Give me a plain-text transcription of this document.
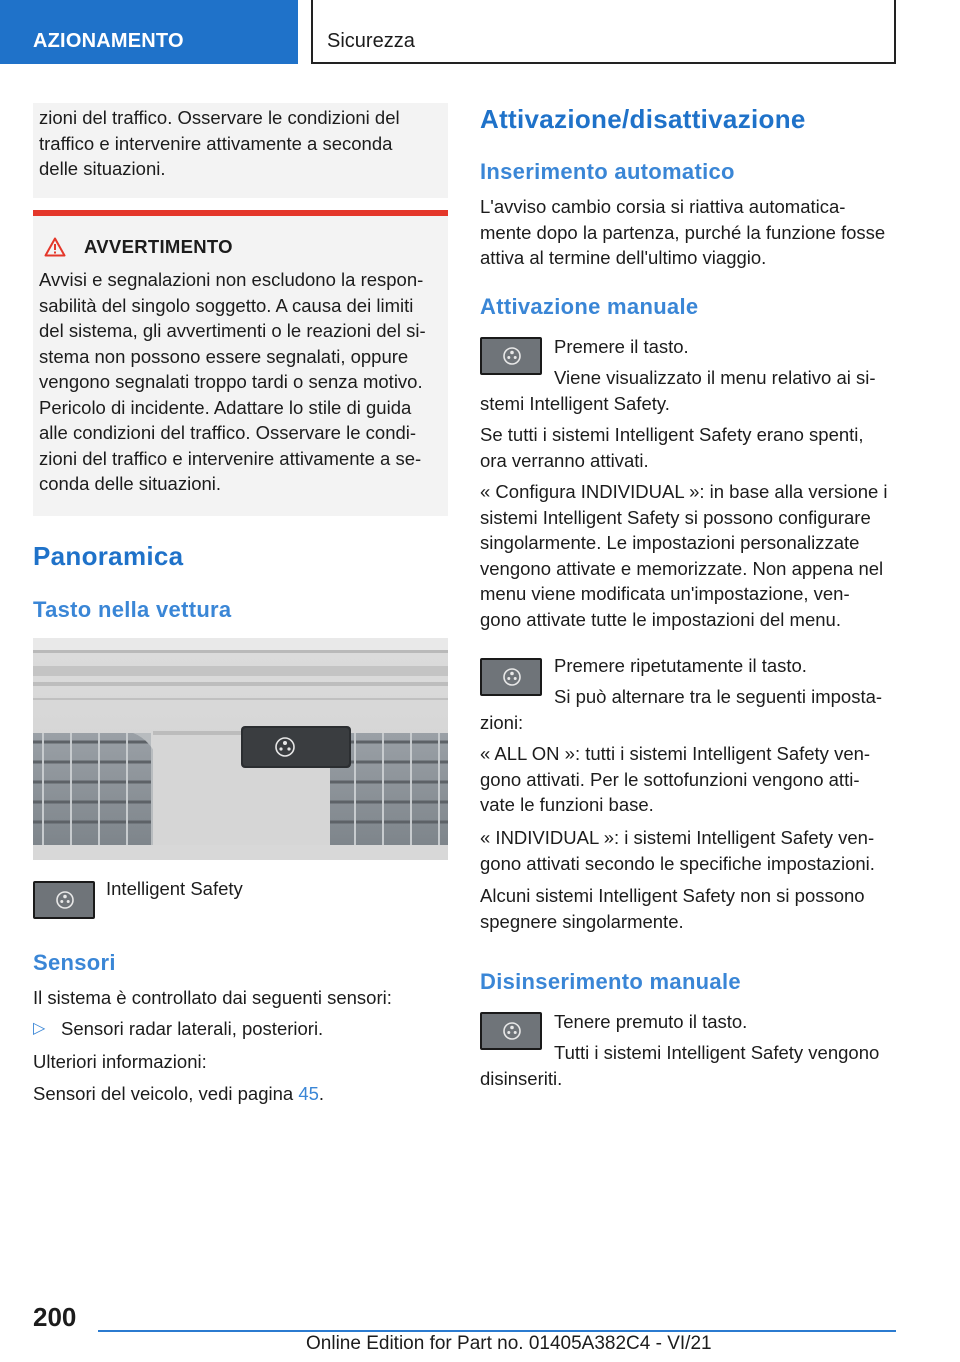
AZIONAMENTO	Sicurezza

zioni del traffico. Osservare le condizioni del

traffico e intervenire attivamente a seconda

delle situazioni.

AVVERTIMENTO

Avvisi e segnalazioni non escludono la respon-

sabilità del singolo soggetto. A causa dei limiti

del sistema, gli avvertimenti o le reazioni del si-

stema non possono essere segnalati, oppure

vengono segnalati troppo tardi o senza motivo.

Pericolo di incidente. Adattare lo stile di guida

alle condizioni del traffico. Osservare le condi-

zioni del traffico e intervenire attivamente a se-

conda delle situazioni.

Panoramica
Tasto nella vettura

Intelligent Safety

Sensori

Il sistema è controllato dai seguenti sensori:

▷ Sensori radar laterali, posteriori.

Ulteriori informazioni:

Sensori del veicolo, vedi pagina 45.

Attivazione/disattivazione
Inserimento automatico

L'avviso cambio corsia si riattiva automatica-

mente dopo la partenza, purché la funzione fosse

attiva al termine dell'ultimo viaggio.

Attivazione manuale

Premere il tasto.

Viene visualizzato il menu relativo ai si-

stemi Intelligent Safety.

Se tutti i sistemi Intelligent Safety erano spenti,

ora verranno attivati.

« Configura INDIVIDUAL »: in base alla versione i

sistemi Intelligent Safety si possono configurare

singolarmente. Le impostazioni personalizzate

vengono attivate e memorizzate. Non appena nel

menu viene modificata un'impostazione, ven-

gono attivate tutte le impostazioni del menu.

Premere ripetutamente il tasto.

Si può alternare tra le seguenti imposta-

zioni:

« ALL ON »: tutti i sistemi Intelligent Safety ven-

gono attivati. Per le sottofunzioni vengono atti-

vate le funzioni base.

« INDIVIDUAL »: i sistemi Intelligent Safety ven-

gono attivati secondo le specifiche impostazioni.

Alcuni sistemi Intelligent Safety non si possono

spegnere singolarmente.

Disinserimento manuale

Tenere premuto il tasto.

Tutti i sistemi Intelligent Safety vengono

disinseriti.

200
Online Edition for Part no. 01405A382C4 - VI/21
